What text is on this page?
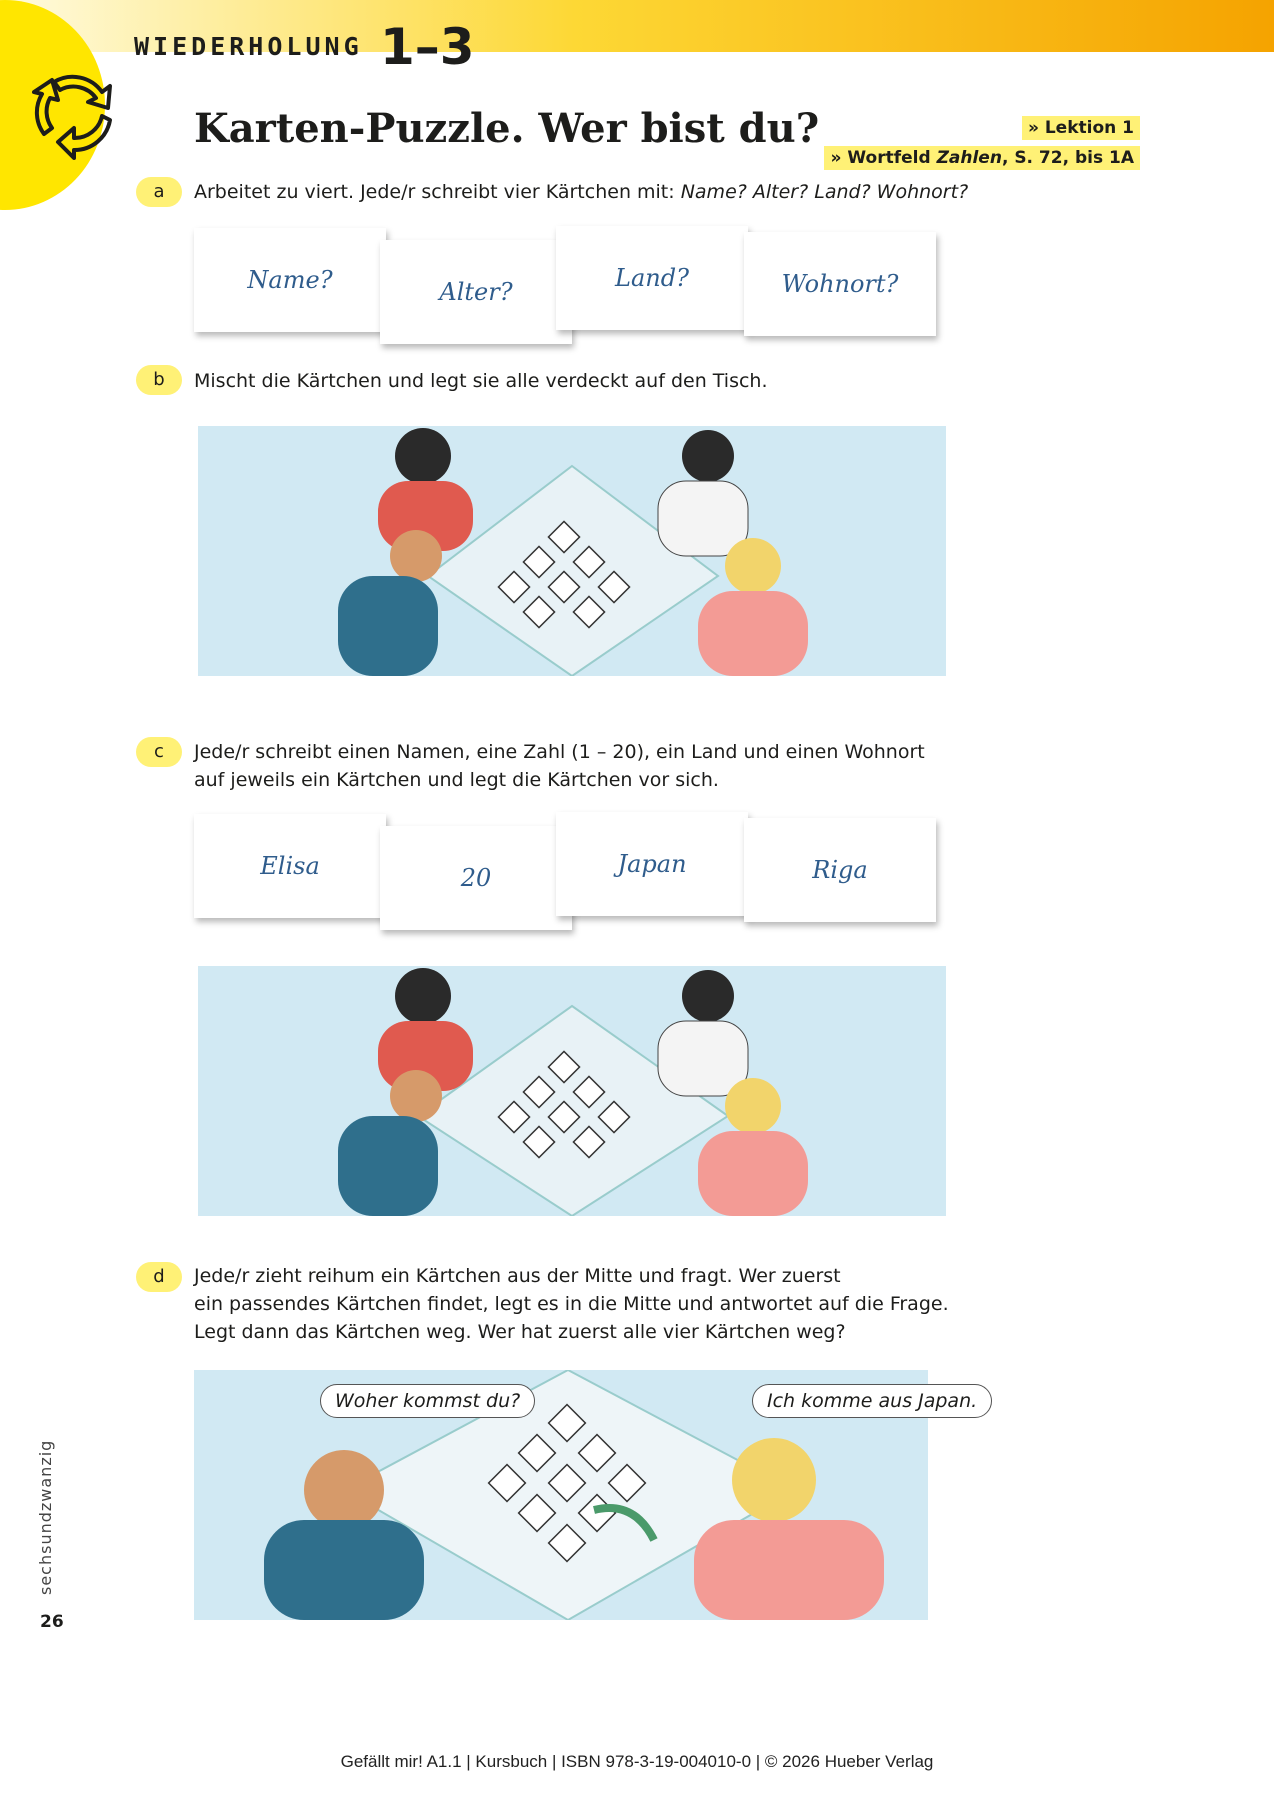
WIEDERHOLUNG 1–3
Karten-Puzzle. Wer bist du?	» Lektion 1
» Wortfeld Zahlen, S. 72, bis 1A
a	Arbeitet zu viert. Jede/r schreibt vier Kärtchen mit: Name? Alter? Land? Wohnort?
Name?	Alter?	Land?	Wohnort?
b	Mischt die Kärtchen und legt sie alle verdeckt auf den Tisch.
c	Jede/r schreibt einen Namen, eine Zahl (1 – 20), ein Land und einen Wohnort
auf jeweils ein Kärtchen und legt die Kärtchen vor sich.
Elisa	20	Japan	Riga
d	Jede/r zieht reihum ein Kärtchen aus der Mitte und fragt. Wer zuerst
ein passendes Kärtchen findet, legt es in die Mitte und antwortet auf die Frage.
Legt dann das Kärtchen weg. Wer hat zuerst alle vier Kärtchen weg?
Woher kommst du?	Ich komme aus Japan.
sechsundzwanzig
26
Gefällt mir! A1.1 | Kursbuch | ISBN 978-3-19-004010-0 | © 2026 Hueber Verlag
